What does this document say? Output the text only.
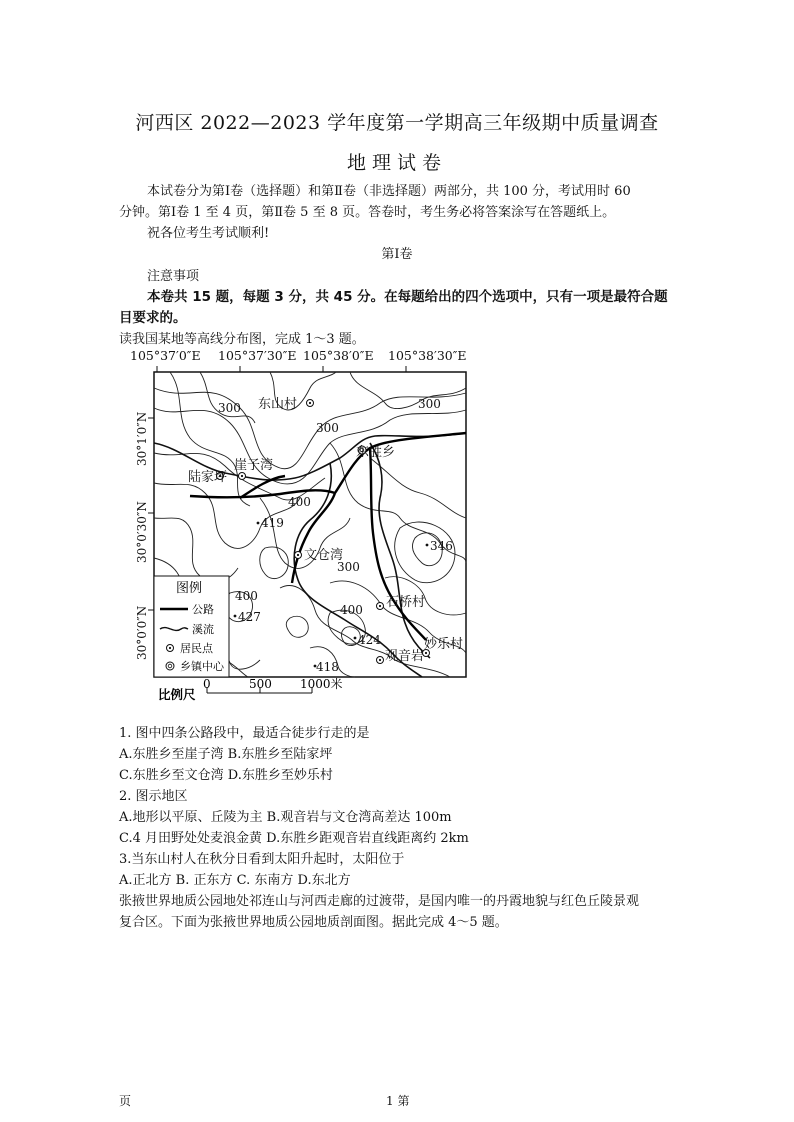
河西区 2022—2023 学年度第一学期高三年级期中质量调查
地理试卷
本试卷分为第Ⅰ卷（选择题）和第Ⅱ卷（非选择题）两部分，共 100 分，考试用时 60
分钟。第Ⅰ卷 1 至 4 页，第Ⅱ卷 5 至 8 页。答卷时，考生务必将答案涂写在答题纸上。
祝各位考生考试顺利!
第Ⅰ卷
注意事项
本卷共 15 题，每题 3 分，共 45 分。在每题给出的四个选项中，只有一项是最符合题
目要求的。
读我国某地等高线分布图，完成 1～3 题。
105°37′0″E 105°37′30″E 105°38′0″E 105°38′30″E
30°1′0″N
30°0′30″N
30°0′0″N
东山村
东胜乡
崖子湾
陆家坪
文仓湾
石桥村
妙乐村
观音岩
300
300
300
400
300
400
400
419
346
427
424
418
图例
公路
溪流
居民点
乡镇中心
比例尺
0	500 1000米
1. 图中四条公路段中，最适合徒步行走的是
A.东胜乡至崖子湾 B.东胜乡至陆家坪
C.东胜乡至文仓湾 D.东胜乡至妙乐村
2. 图示地区
A.地形以平原、丘陵为主 B.观音岩与文仓湾高差达 100m
C.4 月田野处处麦浪金黄 D.东胜乡距观音岩直线距离约 2km
3.当东山村人在秋分日看到太阳升起时，太阳位于
A.正北方 B. 正东方 C. 东南方 D.东北方
张掖世界地质公园地处祁连山与河西走廊的过渡带，是国内唯一的丹霞地貌与红色丘陵景观
复合区。下面为张掖世界地质公园地质剖面图。据此完成 4～5 题。
页	1 第
